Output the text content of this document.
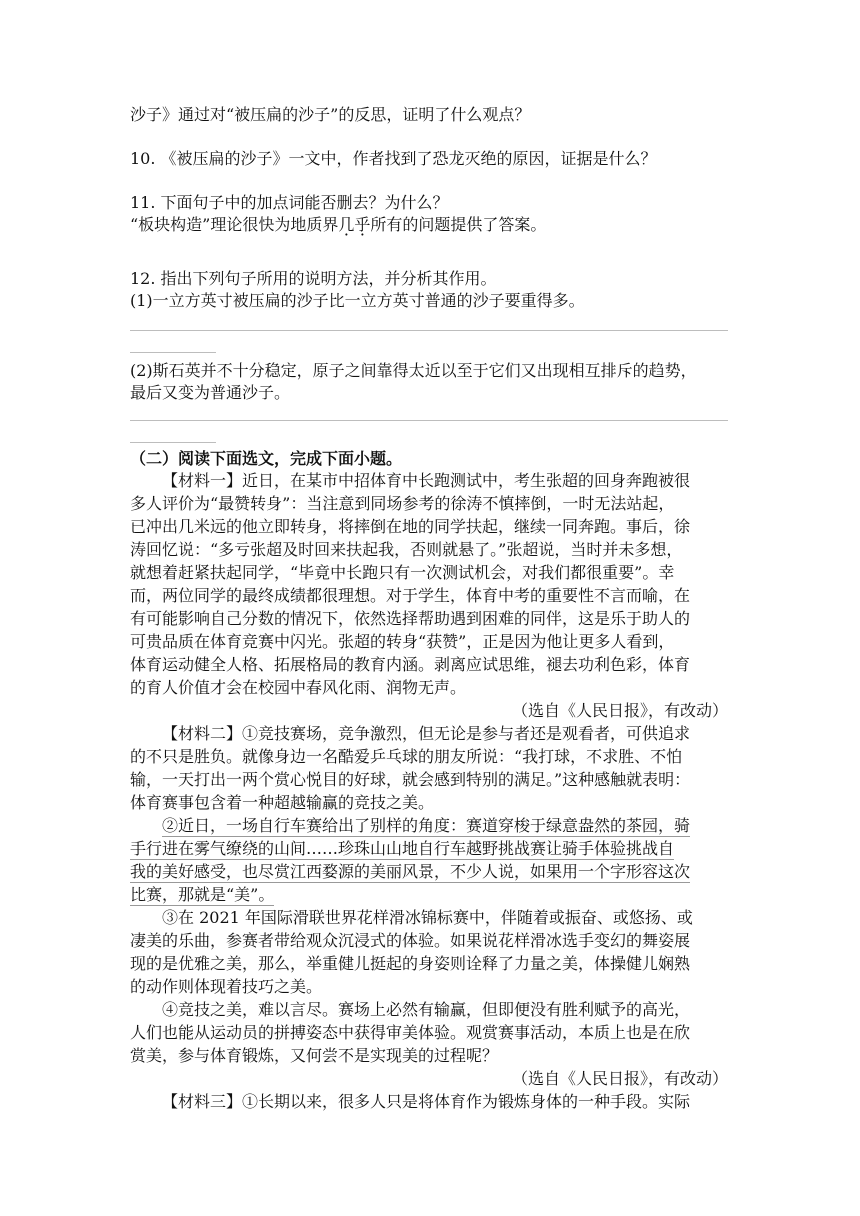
沙子》通过对“被压扁的沙子”的反思，证明了什么观点？
10. 《被压扁的沙子》一文中，作者找到了恐龙灭绝的原因，证据是什么？
11. 下面句子中的加点词能否删去？为什么？
“板块构造”理论很快为地质界几乎所有的问题提供了答案。
12. 指出下列句子所用的说明方法，并分析其作用。
(1)一立方英寸被压扁的沙子比一立方英寸普通的沙子要重得多。
(2)斯石英并不十分稳定，原子之间靠得太近以至于它们又出现相互排斥的趋势，
最后又变为普通沙子。
（二）阅读下面选文，完成下面小题。
【材料一】近日，在某市中招体育中长跑测试中，考生张超的回身奔跑被很
多人评价为“最赞转身”：当注意到同场参考的徐涛不慎摔倒，一时无法站起，
已冲出几米远的他立即转身，将摔倒在地的同学扶起，继续一同奔跑。事后，徐
涛回忆说：“多亏张超及时回来扶起我，否则就悬了。”张超说，当时并未多想，
就想着赶紧扶起同学，“毕竟中长跑只有一次测试机会，对我们都很重要”。幸
而，两位同学的最终成绩都很理想。对于学生，体育中考的重要性不言而喻，在
有可能影响自己分数的情况下，依然选择帮助遇到困难的同伴，这是乐于助人的
可贵品质在体育竞赛中闪光。张超的转身“获赞”，正是因为他让更多人看到，
体育运动健全人格、拓展格局的教育内涵。剥离应试思维，褪去功利色彩，体育
的育人价值才会在校园中春风化雨、润物无声。
（选自《人民日报》，有改动）
【材料二】①竞技赛场，竞争激烈，但无论是参与者还是观看者，可供追求
的不只是胜负。就像身边一名酷爱乒乓球的朋友所说：“我打球，不求胜、不怕
输，一天打出一两个赏心悦目的好球，就会感到特别的满足。”这种感触就表明：
体育赛事包含着一种超越输赢的竞技之美。
②近日，一场自行车赛给出了别样的角度：赛道穿梭于绿意盎然的茶园，骑
手行进在雾气缭绕的山间……珍珠山山地自行车越野挑战赛让骑手体验挑战自
我的美好感受，也尽赏江西婺源的美丽风景，不少人说，如果用一个字形容这次
比赛，那就是“美”。
③在 2021 年国际滑联世界花样滑冰锦标赛中，伴随着或振奋、或悠扬、或
凄美的乐曲，参赛者带给观众沉浸式的体验。如果说花样滑冰选手变幻的舞姿展
现的是优雅之美，那么，举重健儿挺起的身姿则诠释了力量之美，体操健儿娴熟
的动作则体现着技巧之美。
④竞技之美，难以言尽。赛场上必然有输赢，但即便没有胜利赋予的高光，
人们也能从运动员的拼搏姿态中获得审美体验。观赏赛事活动，本质上也是在欣
赏美，参与体育锻炼，又何尝不是实现美的过程呢？
（选自《人民日报》，有改动）
【材料三】①长期以来，很多人只是将体育作为锻炼身体的一种手段。实际
